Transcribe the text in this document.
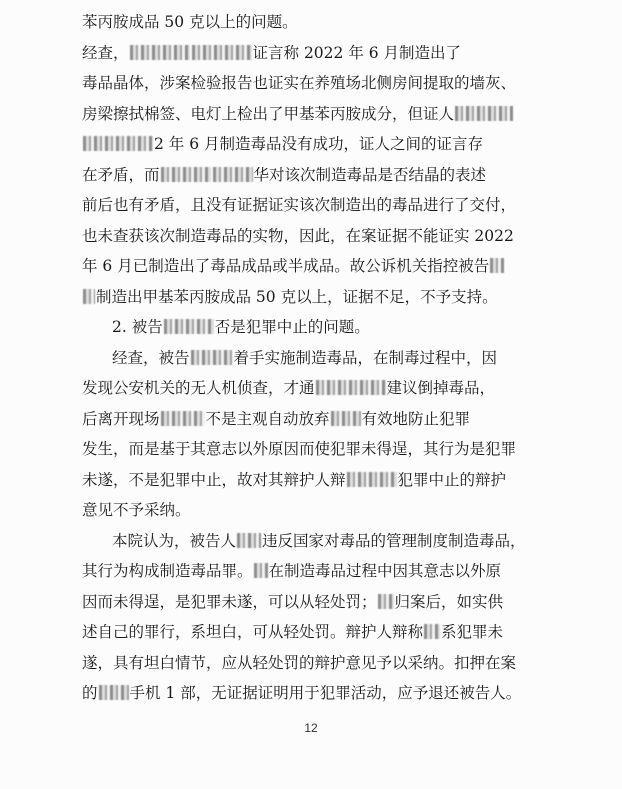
苯丙胺成品 50 克以上的问题。
经查，	证言称 2022 年 6 月制造出了
毒品晶体，涉案检验报告也证实在养殖场北侧房间提取的墙灰、
房梁擦拭棉签、电灯上检出了甲基苯丙胺成分，但证人
2 年 6 月制造毒品没有成功，证人之间的证言存
在矛盾，而	华对该次制造毒品是否结晶的表述
前后也有矛盾，且没有证据证实该次制造出的毒品进行了交付，
也未查获该次制造毒品的实物，因此，在案证据不能证实 2022
年 6 月已制造出了毒品成品或半成品。故公诉机关指控被告
制造出甲基苯丙胺成品 50 克以上，证据不足，不予支持。
2. 被告	否是犯罪中止的问题。
经查，被告	着手实施制造毒品，在制毒过程中，因
发现公安机关的无人机侦查，才通	建议倒掉毒品，
后离开现场	不是主观自动放弃 有效地防止犯罪
发生，而是基于其意志以外原因而使犯罪未得逞，其行为是犯罪
未遂，不是犯罪中止，故对其辩护人辩	犯罪中止的辩护
意见不予采纳。
本院认为，被告人 违反国家对毒品的管理制度制造毒品，
其行为构成制造毒品罪。 在制造毒品过程中因其意志以外原
因而未得逞，是犯罪未遂，可以从轻处罚； 归案后，如实供
述自己的罪行，系坦白，可从轻处罚。辩护人辩称 系犯罪未
遂，具有坦白情节，应从轻处罚的辩护意见予以采纳。扣押在案
的 手机 1 部，无证据证明用于犯罪活动，应予退还被告人。
12
